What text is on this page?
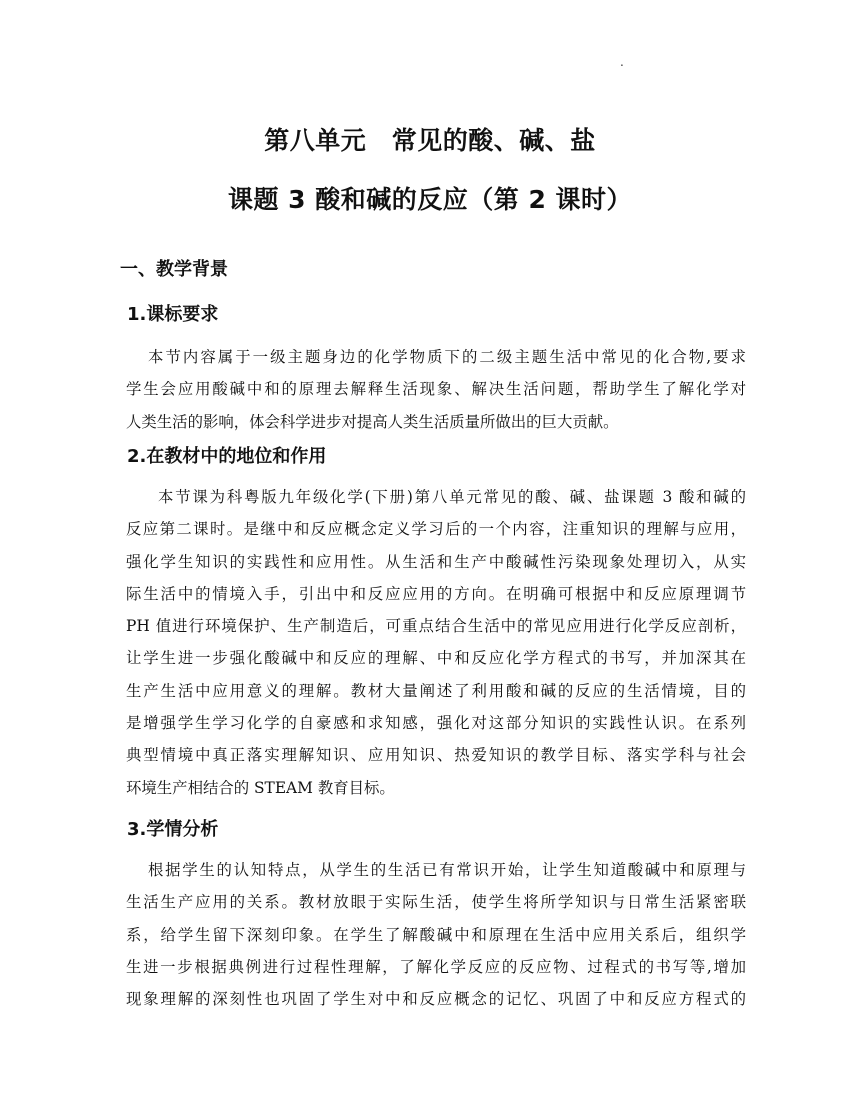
.
第八单元　常见的酸、碱、盐
课题 3 酸和碱的反应（第 2 课时）
一、教学背景
1.课标要求
本节内容属于一级主题身边的化学物质下的二级主题生活中常见的化合物,要求
学生会应用酸碱中和的原理去解释生活现象、解决生活问题，帮助学生了解化学对
人类生活的影响，体会科学进步对提高人类生活质量所做出的巨大贡献。
2.在教材中的地位和作用
本节课为科粤版九年级化学(下册)第八单元常见的酸、碱、盐课题 3 酸和碱的
反应第二课时。是继中和反应概念定义学习后的一个内容，注重知识的理解与应用，
强化学生知识的实践性和应用性。从生活和生产中酸碱性污染现象处理切入，从实
际生活中的情境入手，引出中和反应应用的方向。在明确可根据中和反应原理调节
PH 值进行环境保护、生产制造后，可重点结合生活中的常见应用进行化学反应剖析，
让学生进一步强化酸碱中和反应的理解、中和反应化学方程式的书写，并加深其在
生产生活中应用意义的理解。教材大量阐述了利用酸和碱的反应的生活情境，目的
是增强学生学习化学的自豪感和求知感，强化对这部分知识的实践性认识。在系列
典型情境中真正落实理解知识、应用知识、热爱知识的教学目标、落实学科与社会
环境生产相结合的 STEAM 教育目标。
3.学情分析
根据学生的认知特点，从学生的生活已有常识开始，让学生知道酸碱中和原理与
生活生产应用的关系。教材放眼于实际生活，使学生将所学知识与日常生活紧密联
系，给学生留下深刻印象。在学生了解酸碱中和原理在生活中应用关系后，组织学
生进一步根据典例进行过程性理解，了解化学反应的反应物、过程式的书写等,增加
现象理解的深刻性也巩固了学生对中和反应概念的记忆、巩固了中和反应方程式的
